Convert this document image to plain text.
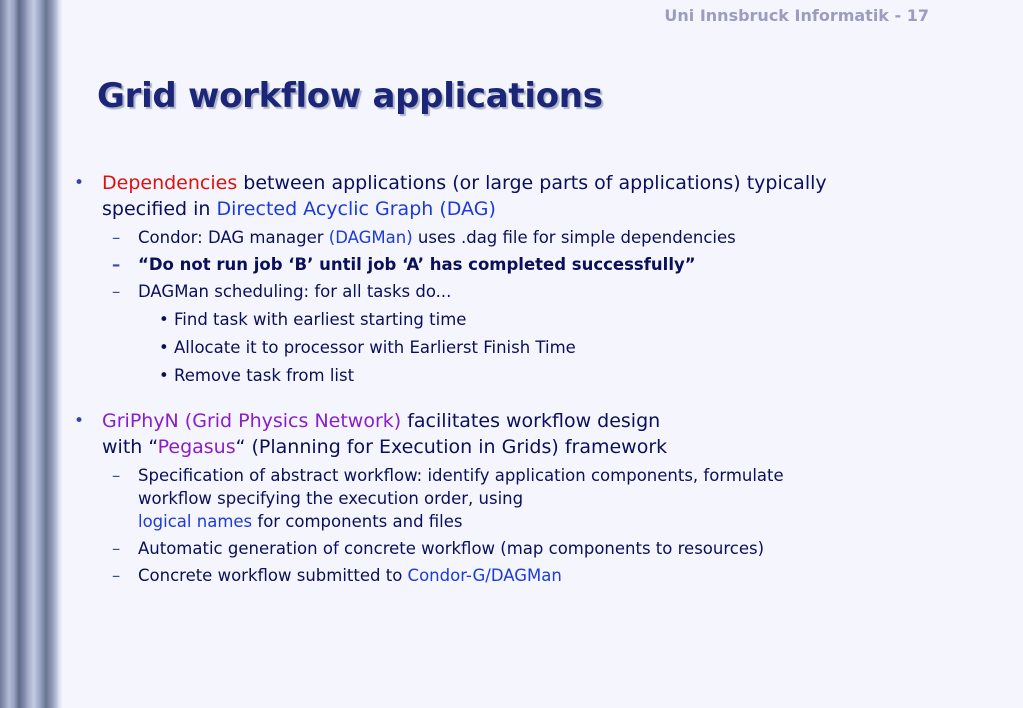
Uni Innsbruck Informatik - 17
Grid workflow applications

• Dependencies between applications (or large parts of applications) typically
specified in Directed Acyclic Graph (DAG)

– Condor: DAG manager (DAGMan) uses .dag file for simple dependencies

– “Do not run job ‘B’ until job ‘A’ has completed successfully”

– DAGMan scheduling: for all tasks do...

• Find task with earliest starting time

• Allocate it to processor with Earlierst Finish Time

• Remove task from list

• GriPhyN (Grid Physics Network) facilitates workflow design
with “Pegasus“ (Planning for Execution in Grids) framework

– Specification of abstract workflow: identify application components, formulate
workflow specifying the execution order, using
logical names for components and files

– Automatic generation of concrete workflow (map components to resources)

– Concrete workflow submitted to Condor-G/DAGMan
